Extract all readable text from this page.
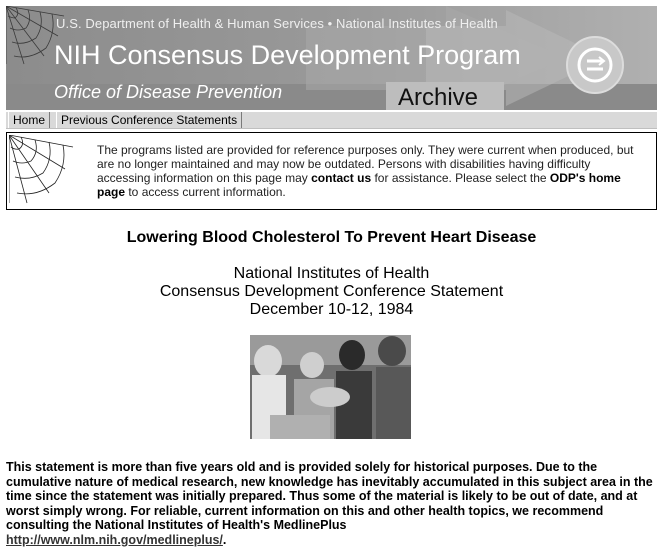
U.S. Department of Health & Human Services • National Institutes of Health
NIH Consensus Development Program
Office of Disease Prevention	Archive
Home	Previous Conference Statements
The programs listed are provided for reference purposes only. They were current when produced, but are no longer maintained and may now be outdated. Persons with disabilities having difficulty accessing information on this page may contact us for assistance. Please select the ODP's home page to access current information.
Lowering Blood Cholesterol To Prevent Heart Disease
National Institutes of Health
Consensus Development Conference Statement
December 10-12, 1984
This statement is more than five years old and is provided solely for historical purposes. Due to the cumulative nature of medical research, new knowledge has inevitably accumulated in this subject area in the time since the statement was initially prepared. Thus some of the material is likely to be out of date, and at worst simply wrong. For reliable, current information on this and other health topics, we recommend consulting the National Institutes of Health's MedlinePlus
http://www.nlm.nih.gov/medlineplus/.
